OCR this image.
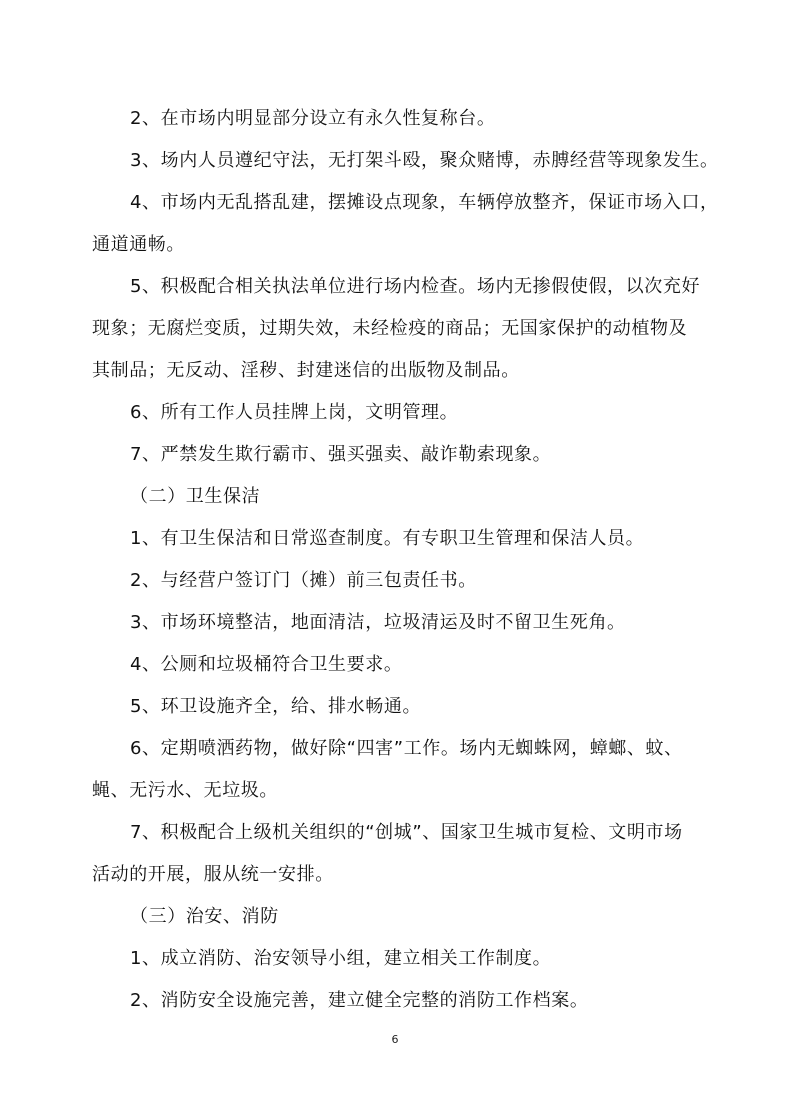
2、在市场内明显部分设立有永久性复称台。
3、场内人员遵纪守法，无打架斗殴，聚众赌博，赤膊经营等现象发生。
4、市场内无乱搭乱建，摆摊设点现象，车辆停放整齐，保证市场入口，
通道通畅。
5、积极配合相关执法单位进行场内检查。场内无掺假使假，以次充好
现象；无腐烂变质，过期失效，未经检疫的商品；无国家保护的动植物及
其制品；无反动、淫秽、封建迷信的出版物及制品。
6、所有工作人员挂牌上岗，文明管理。
7、严禁发生欺行霸市、强买强卖、敲诈勒索现象。
（二）卫生保洁
1、有卫生保洁和日常巡查制度。有专职卫生管理和保洁人员。
2、与经营户签订门（摊）前三包责任书。
3、市场环境整洁，地面清洁，垃圾清运及时不留卫生死角。
4、公厕和垃圾桶符合卫生要求。
5、环卫设施齐全，给、排水畅通。
6、定期喷洒药物，做好除“四害”工作。场内无蜘蛛网，蟑螂、蚊、
蝇、无污水、无垃圾。
7、积极配合上级机关组织的“创城”、国家卫生城市复检、文明市场
活动的开展，服从统一安排。
（三）治安、消防
1、成立消防、治安领导小组，建立相关工作制度。
2、消防安全设施完善，建立健全完整的消防工作档案。
6
